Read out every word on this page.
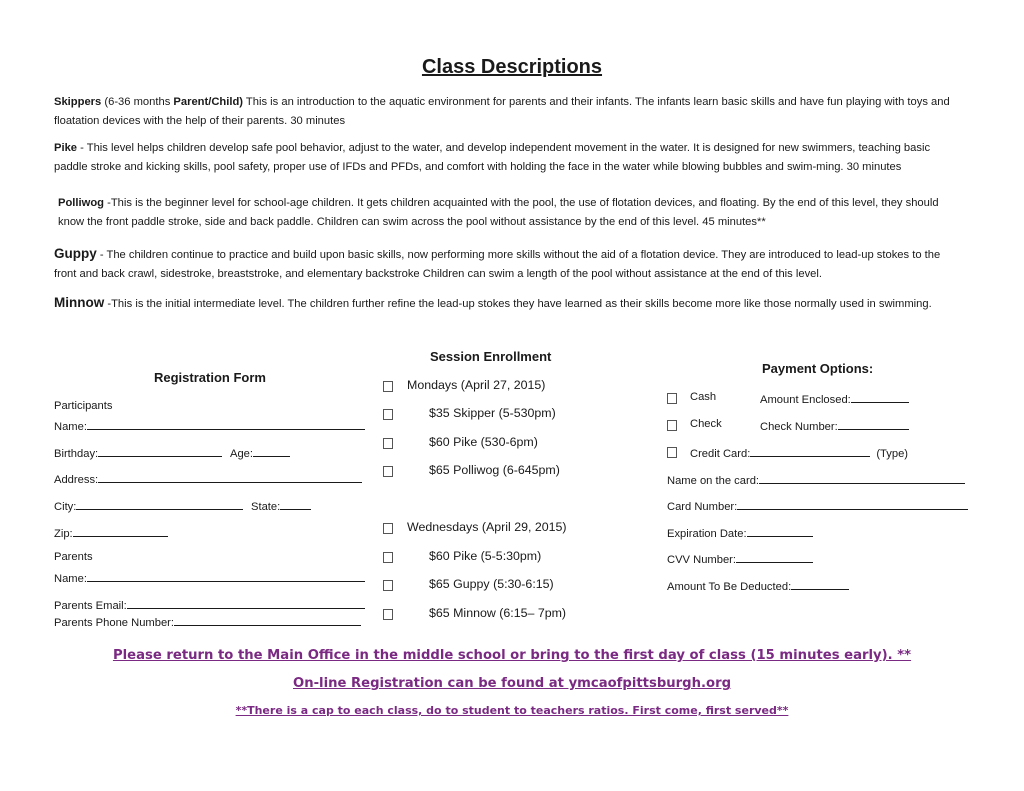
Class Descriptions
Skippers (6-36 months Parent/Child) This is an introduction to the aquatic environment for parents and their infants. The infants learn basic skills and have fun playing with toys and floatation devices with the help of their parents. 30 minutes
Pike - This level helps children develop safe pool behavior, adjust to the water, and develop independent movement in the water. It is designed for new swimmers, teaching basic paddle stroke and kicking skills, pool safety, proper use of IFDs and PFDs, and comfort with holding the face in the water while blowing bubbles and swim-ming. 30 minutes
Polliwog -This is the beginner level for school-age children. It gets children acquainted with the pool, the use of flotation devices, and floating. By the end of this level, they should know the front paddle stroke, side and back paddle. Children can swim across the pool without assistance by the end of this level. 45 minutes**
Guppy - The children continue to practice and build upon basic skills, now performing more skills without the aid of a flotation device. They are introduced to lead-up stokes to the front and back crawl, sidestroke, breaststroke, and elementary backstroke Children can swim a length of the pool without assistance at the end of this level.
Minnow -This is the initial intermediate level. The children further refine the lead-up stokes they have learned as their skills become more like those normally used in swimming.
Registration Form
Participants
Name:
Birthday:	Age:
Address:
City:	State:
Zip:
Parents
Name:
Parents Email:
Parents Phone Number:
Session Enrollment
Mondays (April 27, 2015)
$35 Skipper (5-530pm)
$60 Pike (530-6pm)
$65 Polliwog (6-645pm)
Wednesdays (April 29, 2015)
$60 Pike (5-5:30pm)
$65 Guppy (5:30-6:15)
$65 Minnow (6:15– 7pm)
Payment Options:
Cash	Amount Enclosed:
Check	Check Number:
Credit Card:	(Type)
Name on the card:
Card Number:
Expiration Date:
CVV Number:
Amount To Be Deducted:
Please return to the Main Office in the middle school or bring to the first day of class (15 minutes early). **
On-line Registration can be found at ymcaofpittsburgh.org
**There is a cap to each class, do to student to teachers ratios. First come, first served**
